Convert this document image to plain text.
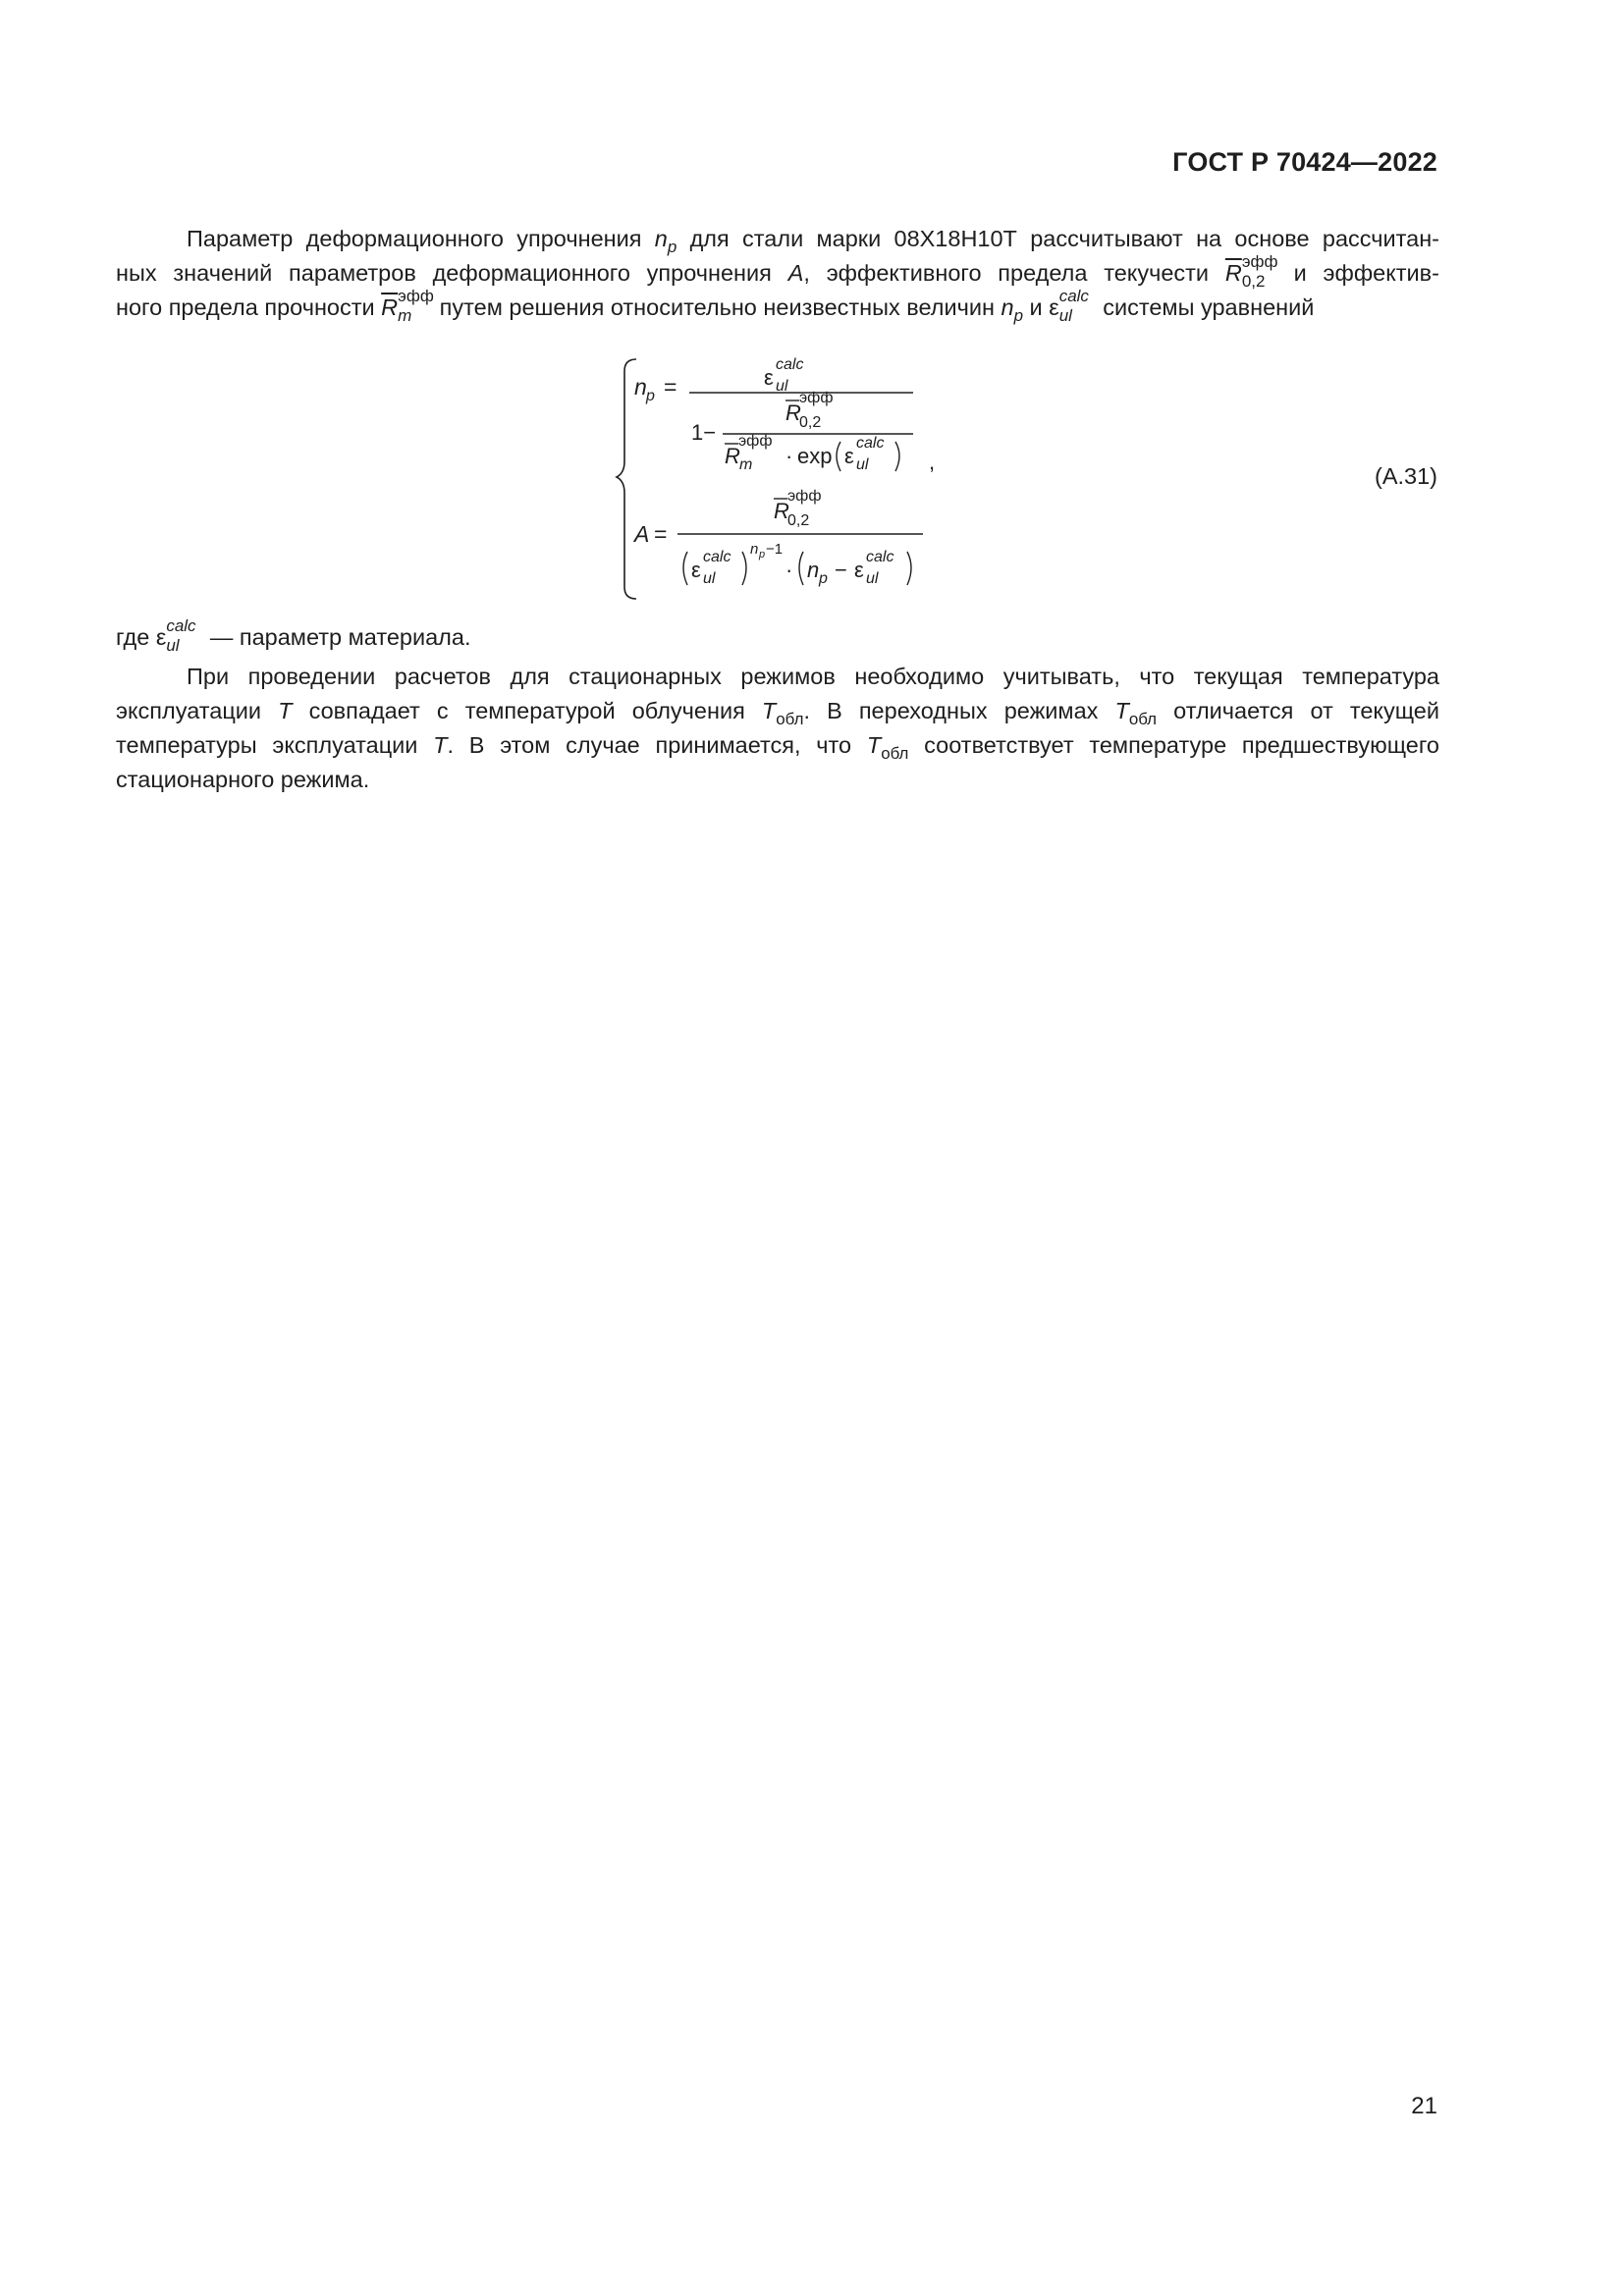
ГОСТ Р 70424—2022
Параметр деформационного упрочнения $n_p$ для стали марки 08Х18Н10Т рассчитывают на основе рассчитан-
ных значений параметров деформационного упрочнения A, эффективного предела текучести $\overline{R}$ эфф
0,2 и эффектив-
ного предела прочности $\overline{R}$ эфф
m путем решения относительно неизвестных величин $n_p$ и ε calc
ul системы уравнений
n p =	ε ul
calc
1−
R
эфф
0,2
R
эфф
m · exp ε ul
calc
,
A =
R
эфф
0,2
ε ul
calc n p −1
· n p − ε ul
calc
(А.31)
где ε calc
ul — параметр материала.
При проведении расчетов для стационарных режимов необходимо учитывать, что текущая температура
эксплуатации T совпадает с температурой облучения $T_{обл}$. В переходных режимах $T_{обл}$ отличается от текущей
температуры эксплуатации T. В этом случае принимается, что $T_{обл}$ соответствует температуре предшествующего
стационарного режима.
21
